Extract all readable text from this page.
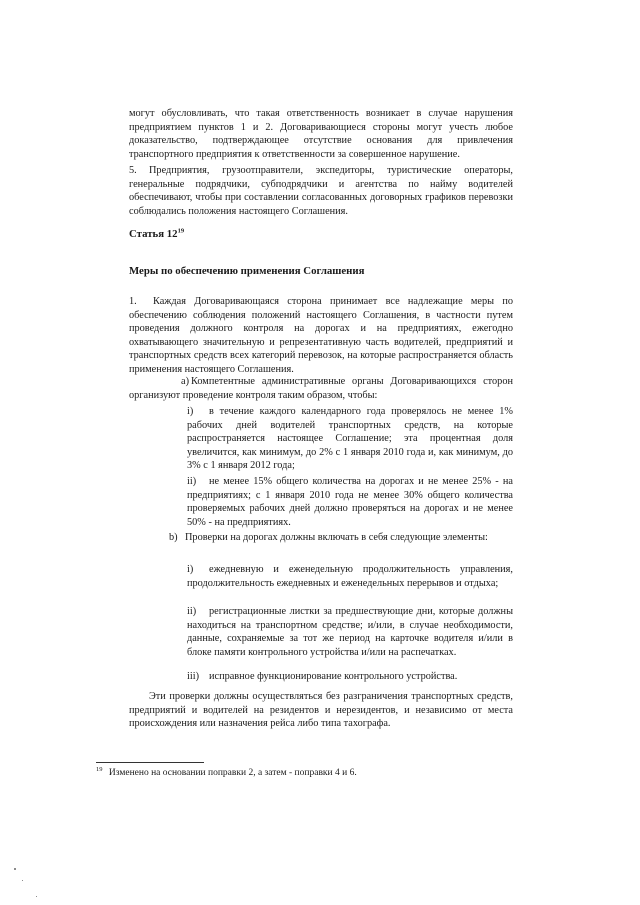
могут обусловливать, что такая ответственность возникает в случае нарушения предприятием пунктов 1 и 2. Договаривающиеся стороны могут учесть любое доказательство, подтверждающее отсутствие основания для привлечения транспортного предприятия к ответственности за совершенное нарушение.
5. Предприятия, грузоотправители, экспедиторы, туристические операторы, генеральные подрядчики, субподрядчики и агентства по найму водителей обеспечивают, чтобы при составлении согласованных договорных графиков перевозки соблюдались положения настоящего Соглашения.
Статья $12^{19}$
Меры по обеспечению применения Соглашения
1. Каждая Договаривающаяся сторона принимает все надлежащие меры по обеспечению соблюдения положений настоящего Соглашения, в частности путем проведения должного контроля на дорогах и на предприятиях, ежегодно охватывающего значительную и репрезентативную часть водителей, предприятий и транспортных средств всех категорий перевозок, на которые распространяется область применения настоящего Соглашения.
a) Компетентные административные органы Договаривающихся сторон организуют проведение контроля таким образом, чтобы:
i) в течение каждого календарного года проверялось не менее 1% рабочих дней водителей транспортных средств, на которые распространяется настоящее Соглашение; эта процентная доля увеличится, как минимум, до 2% с 1 января 2010 года и, как минимум, до 3% с 1 января 2012 года;
ii) не менее 15% общего количества на дорогах и не менее 25% - на предприятиях; с 1 января 2010 года не менее 30% общего количества проверяемых рабочих дней должно проверяться на дорогах и не менее 50% - на предприятиях.
b) Проверки на дорогах должны включать в себя следующие элементы:
i) ежедневную и еженедельную продолжительность управления, продолжительность ежедневных и еженедельных перерывов и отдыха;
ii) регистрационные листки за предшествующие дни, которые должны находиться на транспортном средстве; и/или, в случае необходимости, данные, сохраняемые за тот же период на карточке водителя и/или в блоке памяти контрольного устройства и/или на распечатках.
iii) исправное функционирование контрольного устройства.
Эти проверки должны осуществляться без разграничения транспортных средств, предприятий и водителей на резидентов и нерезидентов, и независимо от места происхождения или назначения рейса либо типа тахографа.
$^{19}$ Изменено на основании поправки 2, а затем - поправки 4 и 6.
